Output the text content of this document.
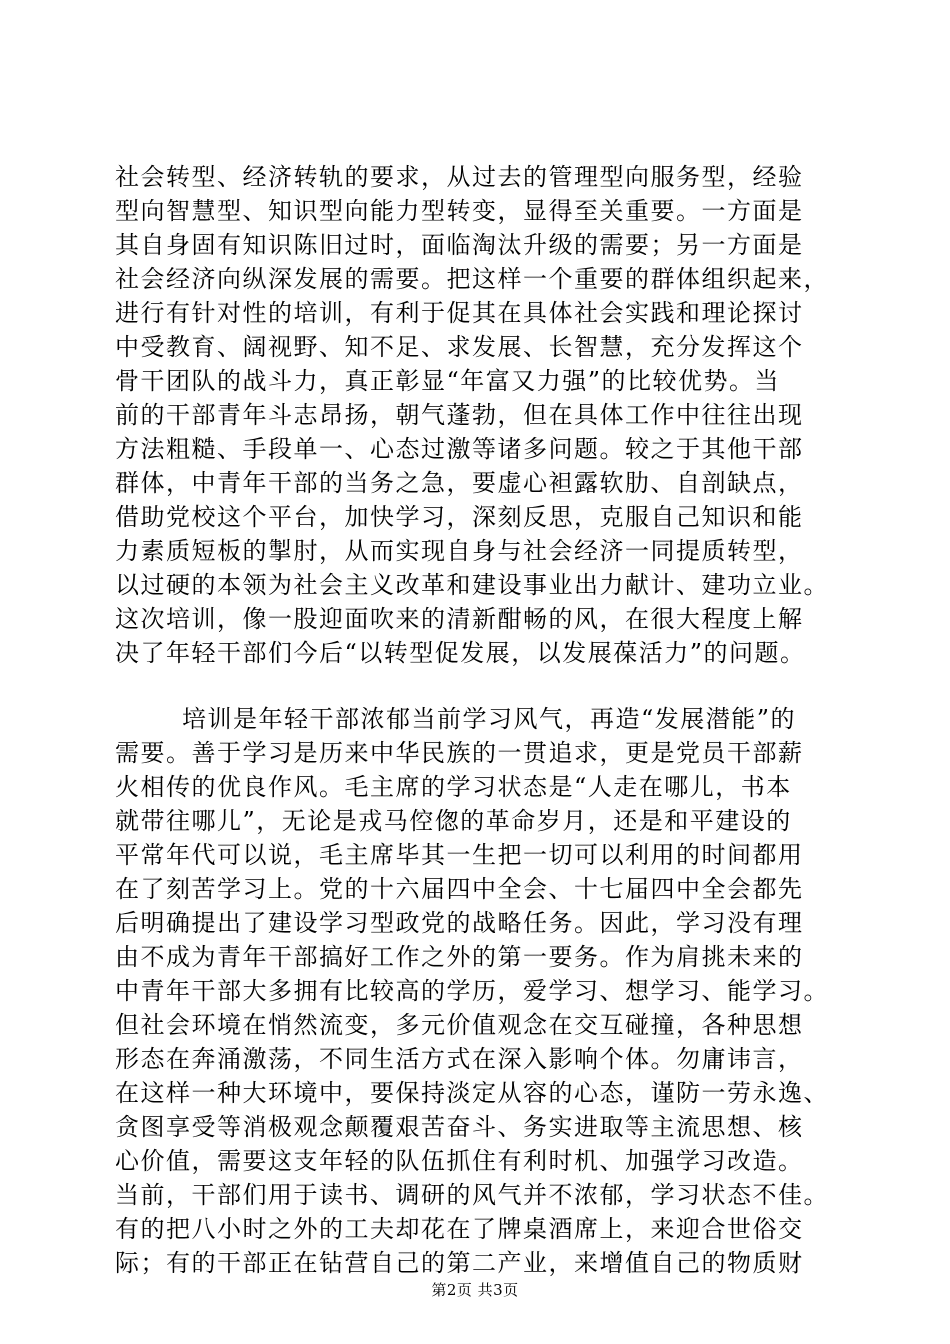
社会转型、经济转轨的要求，从过去的管理型向服务型，经验
型向智慧型、知识型向能力型转变，显得至关重要。一方面是
其自身固有知识陈旧过时，面临淘汰升级的需要；另一方面是
社会经济向纵深发展的需要。把这样一个重要的群体组织起来，
进行有针对性的培训，有利于促其在具体社会实践和理论探讨
中受教育、阔视野、知不足、求发展、长智慧，充分发挥这个
骨干团队的战斗力，真正彰显“年富又力强”的比较优势。当
前的干部青年斗志昂扬，朝气蓬勃，但在具体工作中往往出现
方法粗糙、手段单一、心态过激等诸多问题。较之于其他干部
群体，中青年干部的当务之急，要虚心袒露软肋、自剖缺点，
借助党校这个平台，加快学习，深刻反思，克服自己知识和能
力素质短板的掣肘，从而实现自身与社会经济一同提质转型，
以过硬的本领为社会主义改革和建设事业出力献计、建功立业。
这次培训，像一股迎面吹来的清新酣畅的风，在很大程度上解
决了年轻干部们今后“以转型促发展，以发展葆活力”的问题。
培训是年轻干部浓郁当前学习风气，再造“发展潜能”的
需要。善于学习是历来中华民族的一贯追求，更是党员干部薪
火相传的优良作风。毛主席的学习状态是“人走在哪儿，书本
就带往哪儿”，无论是戎马倥偬的革命岁月，还是和平建设的
平常年代可以说，毛主席毕其一生把一切可以利用的时间都用
在了刻苦学习上。党的十六届四中全会、十七届四中全会都先
后明确提出了建设学习型政党的战略任务。因此，学习没有理
由不成为青年干部搞好工作之外的第一要务。作为肩挑未来的
中青年干部大多拥有比较高的学历，爱学习、想学习、能学习。
但社会环境在悄然流变，多元价值观念在交互碰撞，各种思想
形态在奔涌激荡，不同生活方式在深入影响个体。勿庸讳言，
在这样一种大环境中，要保持淡定从容的心态，谨防一劳永逸、
贪图享受等消极观念颠覆艰苦奋斗、务实进取等主流思想、核
心价值，需要这支年轻的队伍抓住有利时机、加强学习改造。
当前，干部们用于读书、调研的风气并不浓郁，学习状态不佳。
有的把八小时之外的工夫却花在了牌桌酒席上，来迎合世俗交
际；有的干部正在钻营自己的第二产业，来增值自己的物质财
第2页 共3页
